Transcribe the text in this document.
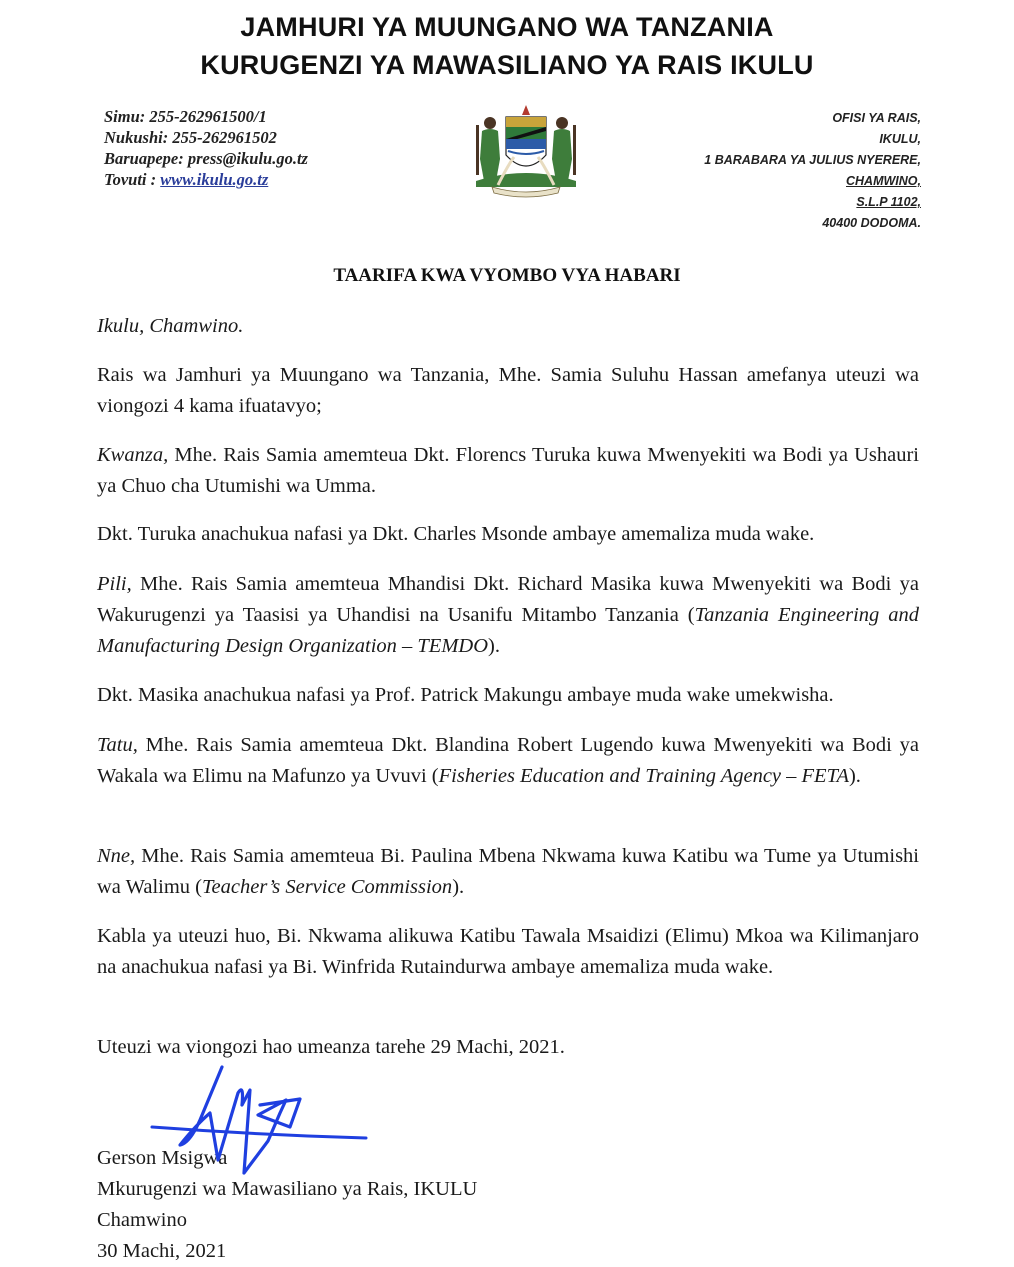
JAMHURI YA MUUNGANO WA TANZANIA
KURUGENZI YA MAWASILIANO YA RAIS IKULU
Simu: 255-262961500/1
Nukushi: 255-262961502
Baruapepe: press@ikulu.go.tz
Tovuti : www.ikulu.go.tz
OFISI YA RAIS,
IKULU,
1 BARABARA YA JULIUS NYERERE,
CHAMWINO,
S.L.P 1102,
40400 DODOMA.
TAARIFA KWA VYOMBO VYA HABARI
Ikulu, Chamwino.
Rais wa Jamhuri ya Muungano wa Tanzania, Mhe. Samia Suluhu Hassan amefanya uteuzi wa viongozi 4 kama ifuatavyo;
Kwanza, Mhe. Rais Samia amemteua Dkt. Florencs Turuka kuwa Mwenyekiti wa Bodi ya Ushauri ya Chuo cha Utumishi wa Umma.
Dkt. Turuka anachukua nafasi ya Dkt. Charles Msonde ambaye amemaliza muda wake.
Pili, Mhe. Rais Samia amemteua Mhandisi Dkt. Richard Masika kuwa Mwenyekiti wa Bodi ya Wakurugenzi ya Taasisi ya Uhandisi na Usanifu Mitambo Tanzania (Tanzania Engineering and Manufacturing Design Organization – TEMDO).
Dkt. Masika anachukua nafasi ya Prof. Patrick Makungu ambaye muda wake umekwisha.
Tatu, Mhe. Rais Samia amemteua Dkt. Blandina Robert Lugendo kuwa Mwenyekiti wa Bodi ya Wakala wa Elimu na Mafunzo ya Uvuvi (Fisheries Education and Training Agency – FETA).
Nne, Mhe. Rais Samia amemteua Bi. Paulina Mbena Nkwama kuwa Katibu wa Tume ya Utumishi wa Walimu (Teacher’s Service Commission).
Kabla ya uteuzi huo, Bi. Nkwama alikuwa Katibu Tawala Msaidizi (Elimu) Mkoa wa Kilimanjaro na anachukua nafasi ya Bi. Winfrida Rutaindurwa ambaye amemaliza muda wake.
Uteuzi wa viongozi hao umeanza tarehe 29 Machi, 2021.
Gerson Msigwa
Mkurugenzi wa Mawasiliano ya Rais, IKULU
Chamwino
30 Machi, 2021
